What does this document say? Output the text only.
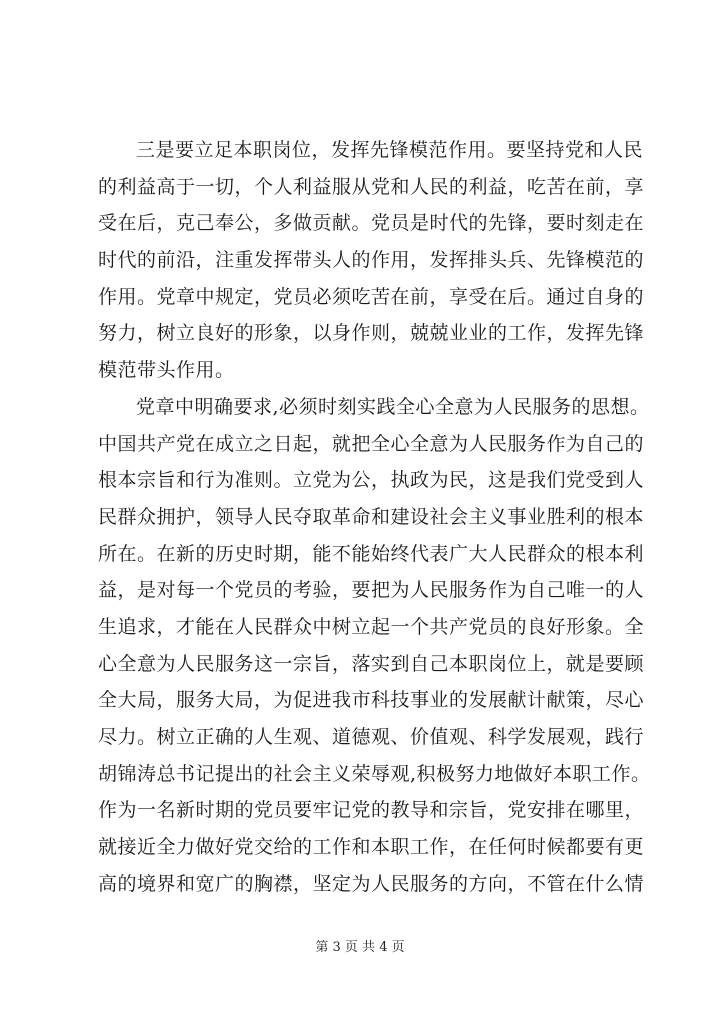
三是要立足本职岗位，发挥先锋模范作用。要坚持党和人民
的利益高于一切，个人利益服从党和人民的利益，吃苦在前，享
受在后，克己奉公，多做贡献。党员是时代的先锋，要时刻走在
时代的前沿，注重发挥带头人的作用，发挥排头兵、先锋模范的
作用。党章中规定，党员必须吃苦在前，享受在后。通过自身的
努力，树立良好的形象，以身作则，兢兢业业的工作，发挥先锋
模范带头作用。
党章中明确要求,必须时刻实践全心全意为人民服务的思想。
中国共产党在成立之日起，就把全心全意为人民服务作为自己的
根本宗旨和行为准则。立党为公，执政为民，这是我们党受到人
民群众拥护，领导人民夺取革命和建设社会主义事业胜利的根本
所在。在新的历史时期，能不能始终代表广大人民群众的根本利
益，是对每一个党员的考验，要把为人民服务作为自己唯一的人
生追求，才能在人民群众中树立起一个共产党员的良好形象。全
心全意为人民服务这一宗旨，落实到自己本职岗位上，就是要顾
全大局，服务大局，为促进我市科技事业的发展献计献策，尽心
尽力。树立正确的人生观、道德观、价值观、科学发展观，践行
胡锦涛总书记提出的社会主义荣辱观,积极努力地做好本职工作。
作为一名新时期的党员要牢记党的教导和宗旨，党安排在哪里，
就接近全力做好党交给的工作和本职工作，在任何时候都要有更
高的境界和宽广的胸襟，坚定为人民服务的方向，不管在什么情
第 3 页 共 4 页
